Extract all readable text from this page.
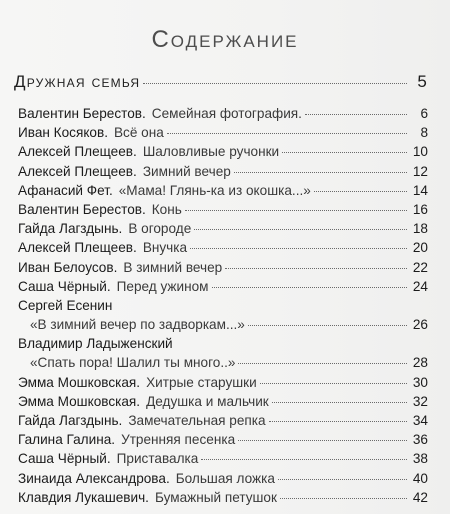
Содержание
Дружная семья	5
Валентин Берестов. Семейная фотография.	6
Иван Косяков. Всё она	8
Алексей Плещеев. Шаловливые ручонки	10
Алексей Плещеев. Зимний вечер	12
Афанасий Фет. «Мама! Глянь-ка из окошка...»	14
Валентин Берестов. Конь	16
Гайда Лагздынь. В огороде	18
Алексей Плещеев. Внучка	20
Иван Белоусов. В зимний вечер	22
Саша Чёрный. Перед ужином	24
Сергей Есенин
«В зимний вечер по задворкам...»	26
Владимир Ладыженский
«Спать пора! Шалил ты много..»	28
Эмма Мошковская. Хитрые старушки	30
Эмма Мошковская. Дедушка и мальчик	32
Гайда Лагздынь. Замечательная репка	34
Галина Галина. Утренняя песенка	36
Саша Чёрный. Приставалка	38
Зинаида Александрова. Большая ложка	40
Клавдия Лукашевич. Бумажный петушок	42
